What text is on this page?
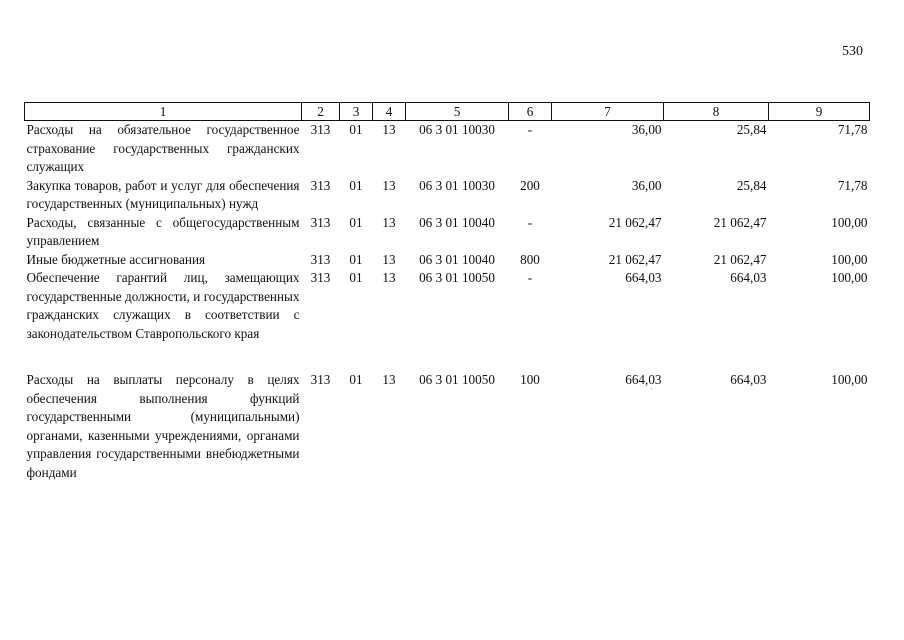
530
1	2	3	4	5	6	7	8	9
Расходы на обязательное государственное страхование государственных гражданских служащих	313	01	13	06 3 01 10030	-	36,00	25,84	71,78
Закупка товаров, работ и услуг для обеспечения государственных (муниципальных) нужд	313	01	13	06 3 01 10030	200	36,00	25,84	71,78
Расходы, связанные с общегосударственным управлением	313	01	13	06 3 01 10040	-	21 062,47	21 062,47	100,00
Иные бюджетные ассигнования	313	01	13	06 3 01 10040	800	21 062,47	21 062,47	100,00
Обеспечение гарантий лиц, замещающих государственные должности, и государственных гражданских служащих в соответствии с законодательством Ставропольского края	313	01	13	06 3 01 10050	-	664,03	664,03	100,00

Расходы на выплаты персоналу в целях обеспечения выполнения функций государственными (муниципальными) органами, казенными учреждениями, органами управления государственными внебюджетными фондами	313	01	13	06 3 01 10050	100	664,03	664,03	100,00
